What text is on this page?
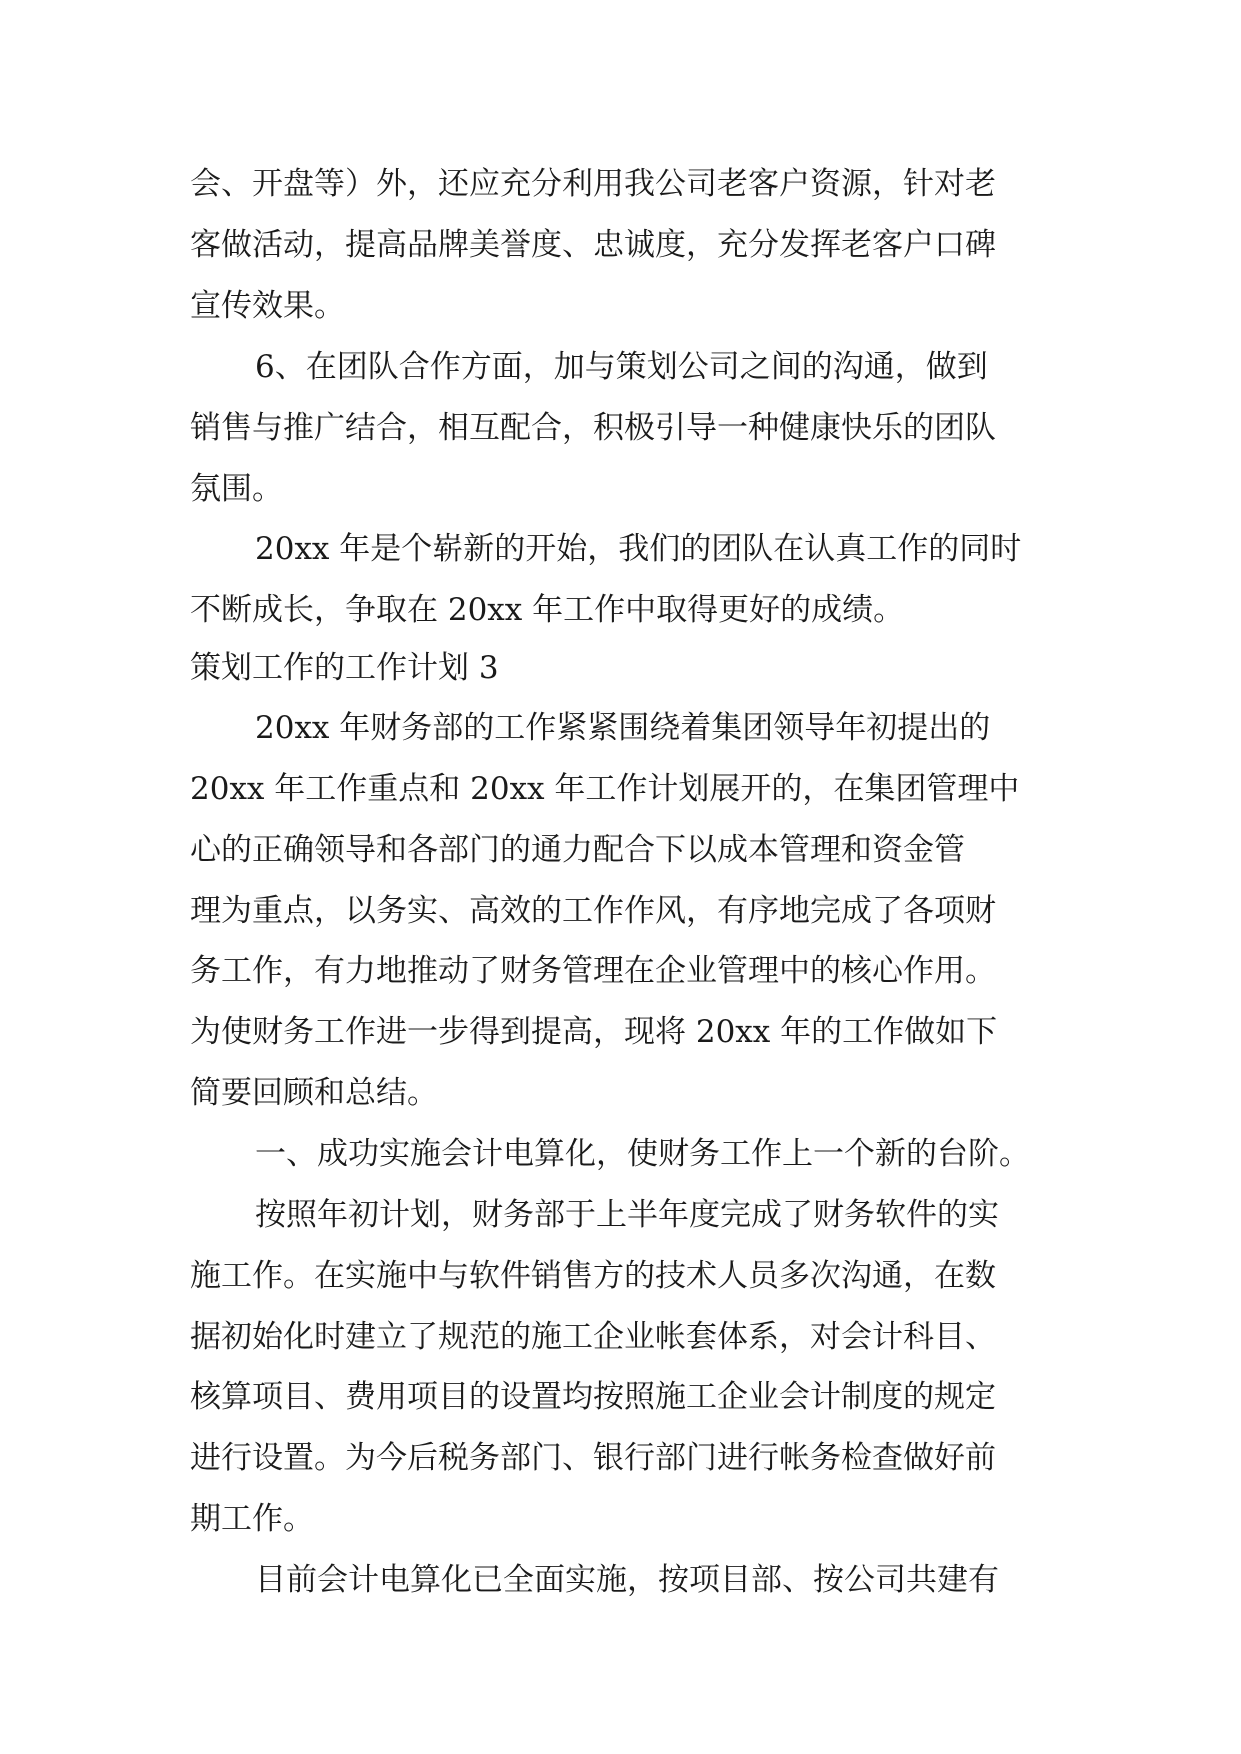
会、开盘等）外，还应充分利用我公司老客户资源，针对老
客做活动，提高品牌美誉度、忠诚度，充分发挥老客户口碑
宣传效果。
6、在团队合作方面，加与策划公司之间的沟通，做到
销售与推广结合，相互配合，积极引导一种健康快乐的团队
氛围。
20xx 年是个崭新的开始，我们的团队在认真工作的同时
不断成长，争取在 20xx 年工作中取得更好的成绩。
策划工作的工作计划 3
20xx 年财务部的工作紧紧围绕着集团领导年初提出的
20xx 年工作重点和 20xx 年工作计划展开的，在集团管理中
心的正确领导和各部门的通力配合下以成本管理和资金管
理为重点，以务实、高效的工作作风，有序地完成了各项财
务工作，有力地推动了财务管理在企业管理中的核心作用。
为使财务工作进一步得到提高，现将 20xx 年的工作做如下
简要回顾和总结。
一、成功实施会计电算化，使财务工作上一个新的台阶。
按照年初计划，财务部于上半年度完成了财务软件的实
施工作。在实施中与软件销售方的技术人员多次沟通，在数
据初始化时建立了规范的施工企业帐套体系，对会计科目、
核算项目、费用项目的设置均按照施工企业会计制度的规定
进行设置。为今后税务部门、银行部门进行帐务检查做好前
期工作。
目前会计电算化已全面实施，按项目部、按公司共建有
